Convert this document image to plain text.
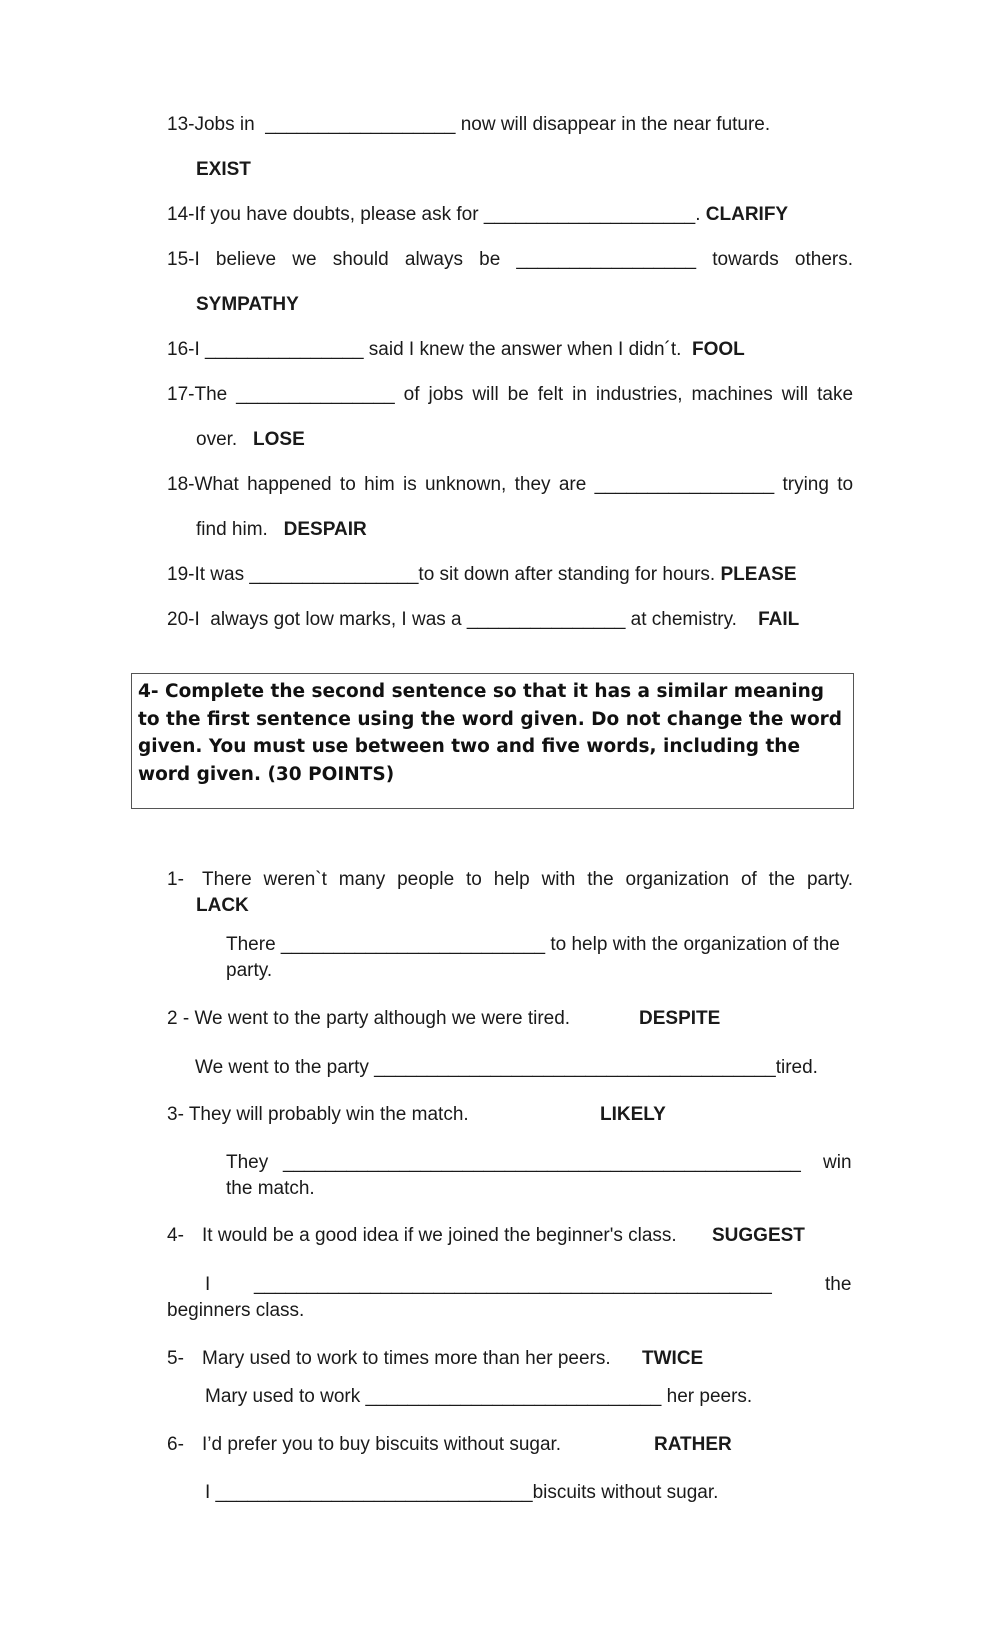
13-Jobs in  __________________ now will disappear in the near future.
EXIST
14-If you have doubts, please ask for ____________________. CLARIFY
15-I believe we should always be _________________ towards others.
SYMPATHY
16-I _______________ said I knew the answer when I didn´t. FOOL
17-The _______________ of jobs will be felt in industries, machines will take
over. LOSE
18-What happened to him is unknown, they are _________________ trying to
find him. DESPAIR
19-It was ________________to sit down after standing for hours. PLEASE
20-I  always got low marks, I was a _______________ at chemistry. FAIL
4- Complete the second sentence so that it has a similar meaning to the first sentence using the word given. Do not change the word given. You must use between two and five words, including the word given. (30 POINTS)
1- There weren`t many people to help with the organization of the party.
LACK
There _________________________ to help with the organization of the
party.
2 - We went to the party although we were tired.	DESPITE
We went to the party ______________________________________tired.
3- They will probably win the match.	LIKELY
They _________________________________________________ win
the match.
4- It would be a good idea if we joined the beginner's class. SUGGEST
I _________________________________________________	the
beginners class.
5- Mary used to work to times more than her peers. TWICE
Mary used to work ____________________________ her peers.
6- I’d prefer you to buy biscuits without sugar.	RATHER
I ______________________________biscuits without sugar.
